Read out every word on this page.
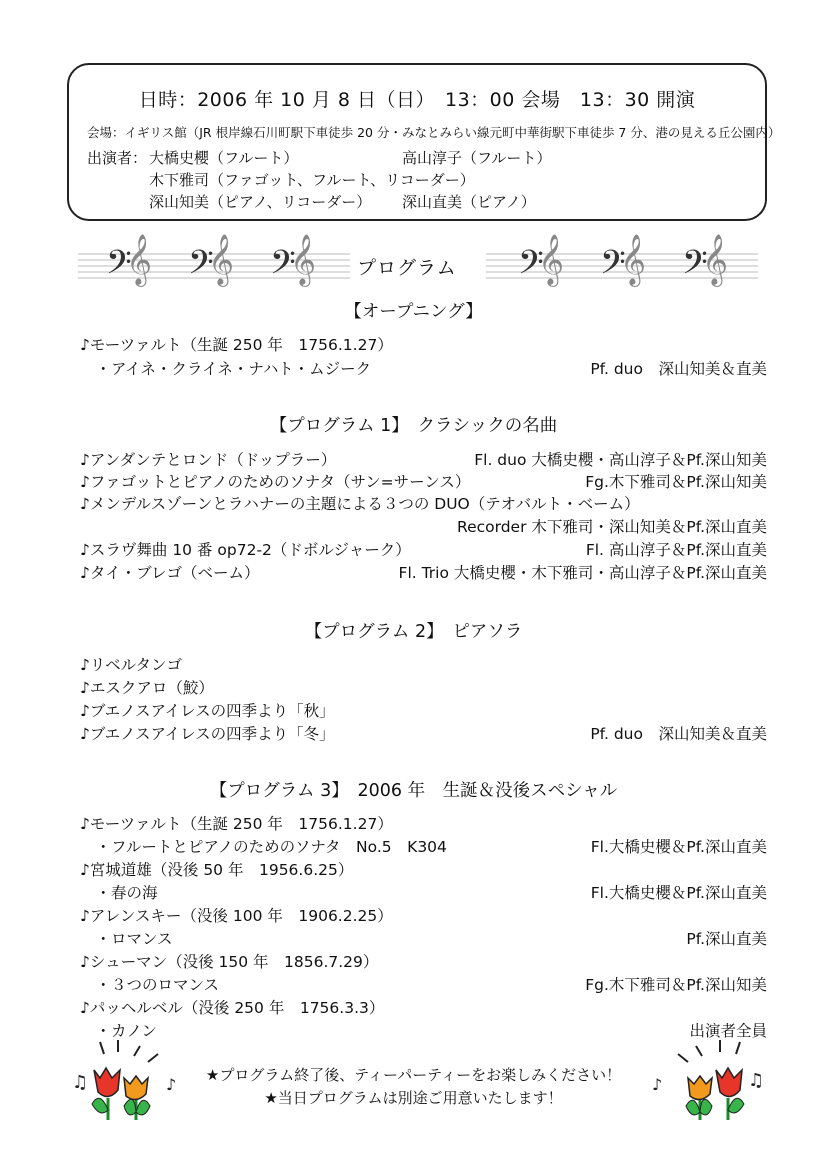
日時：2006 年 10 月 8 日（日）　13：00 会場　13：30 開演
会場：イギリス館（JR 根岸線石川町駅下車徒歩 20 分・みなとみらい線元町中華街駅下車徒歩 7 分、港の見える丘公園内）
出演者： 大橋史櫻（フルート）	高山淳子（フルート）
木下雅司（ファゴット、フルート、リコーダー）
深山知美（ピアノ、リコーダー） 深山直美（ピアノ）
𝄢
𝄞 𝄢
𝄞 𝄢
𝄞	𝄢
𝄞 𝄢
𝄞 𝄢
𝄞
プログラム
【オープニング】
♪モーツァルト（生誕 250 年　1756.1.27）
　・アイネ・クライネ・ナハト・ムジーク	Pf. duo　深山知美＆直美
【プログラム 1】　クラシックの名曲
♪アンダンテとロンド（ドップラー）	Fl. duo 大橋史櫻・高山淳子＆Pf.深山知美
♪ファゴットとピアノのためのソナタ（サン=サーンス）	Fg.木下雅司＆Pf.深山知美
♪メンデルスゾーンとラハナーの主題による３つの DUO（テオバルト・ベーム）
Recorder 木下雅司・深山知美＆Pf.深山直美
♪スラヴ舞曲 10 番 op72-2（ドボルジャーク）	Fl. 高山淳子＆Pf.深山直美
♪タイ・ブレゴ（ベーム）	Fl. Trio 大橋史櫻・木下雅司・高山淳子＆Pf.深山直美
【プログラム 2】　ピアソラ
♪リベルタンゴ
♪エスクアロ（鮫）
♪ブエノスアイレスの四季より「秋」
♪ブエノスアイレスの四季より「冬」	Pf. duo　深山知美＆直美
【プログラム 3】　2006 年　生誕＆没後スペシャル
♪モーツァルト（生誕 250 年　1756.1.27）
　・フルートとピアノのためのソナタ　No.5　K304	Fl.大橋史櫻＆Pf.深山直美
♪宮城道雄（没後 50 年　1956.6.25）
　・春の海	Fl.大橋史櫻＆Pf.深山直美
♪アレンスキー（没後 100 年　1906.2.25）
　・ロマンス	Pf.深山直美
♪シューマン（没後 150 年　1856.7.29）
　・３つのロマンス	Fg.木下雅司＆Pf.深山知美
♪パッヘルベル（没後 250 年　1756.3.3）
　・カノン	出演者全員
♫	♪	♪	♫
★プログラム終了後、ティーパーティーをお楽しみください！
★当日プログラムは別途ご用意いたします！
